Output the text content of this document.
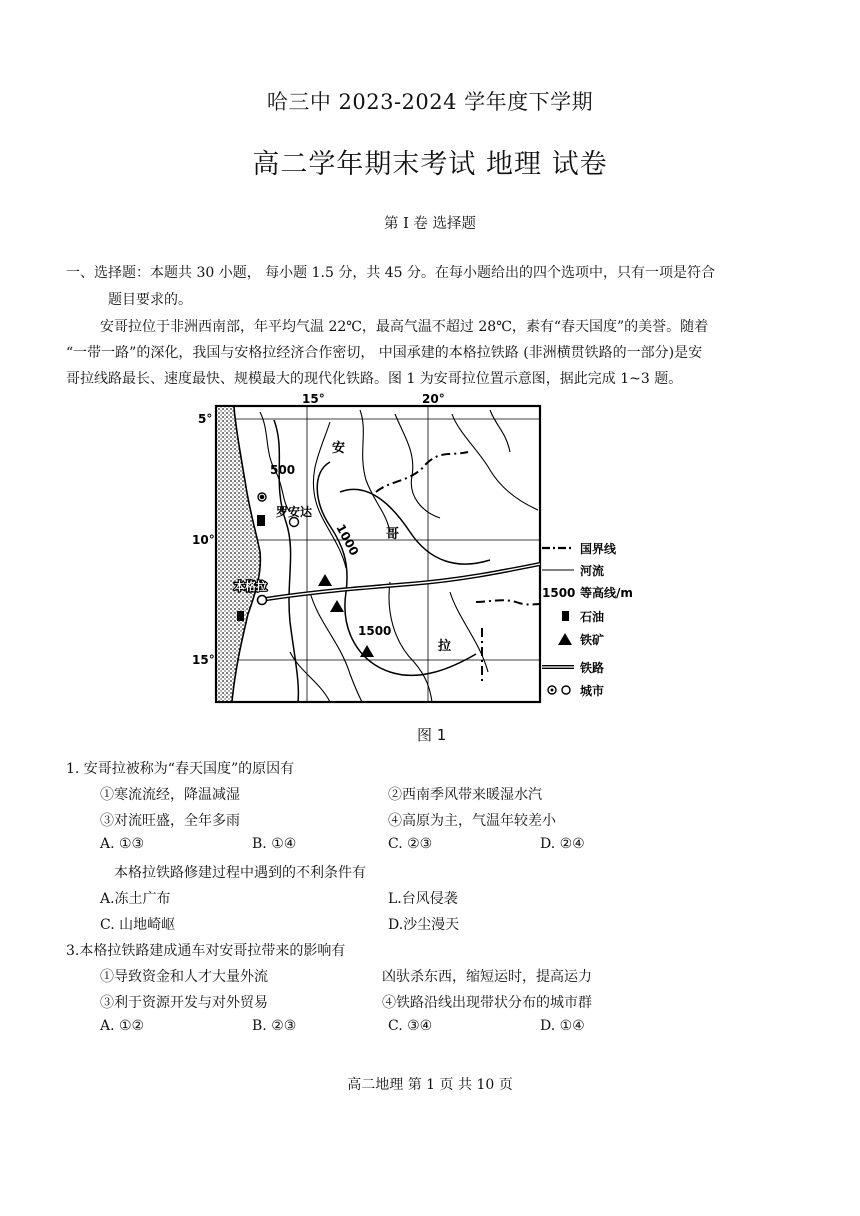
哈三中 2023-2024 学年度下学期
高二学年期末考试 地理 试卷
第 I 卷 选择题
一、选择题：本题共 30 小题， 每小题 1.5 分，共 45 分。在每小题给出的四个选项中，只有一项是符合
题目要求的。
安哥拉位于非洲西南部，年平均气温 22℃，最高气温不超过 28℃，素有“春天国度”的美誉。随着
“一带一路”的深化，我国与安格拉经济合作密切， 中国承建的本格拉铁路 (非洲横贯铁路的一部分)是安
哥拉线路最长、速度最快、规模最大的现代化铁路。图 1 为安哥拉位置示意图，据此完成 1~3 题。
15°	20°
5°
10°
15°
500
1000
1500
安
哥
拉
罗安达
本格拉
国界线
河流
1500 等高线/m
石油
铁矿
铁路
城市
图 1
1. 安哥拉被称为“春天国度”的原因有
①寒流流经，降温减湿	②西南季风带来暖湿水汽
③对流旺盛，全年多雨	④高原为主，气温年较差小
A. ①③	B. ①④	C. ②③	D. ②④
本格拉铁路修建过程中遇到的不利条件有
A.冻土广布	L.台风侵袭
C. 山地崎岖	D.沙尘漫天
3.本格拉铁路建成通车对安哥拉带来的影响有
①导致资金和人才大量外流	凶驮杀东西，缩短运时，提高运力
③利于资源开发与对外贸易	④铁路沿线出现带状分布的城市群
A. ①②	B. ②③	C. ③④	D. ①④
高二地理 第 1 页 共 10 页
